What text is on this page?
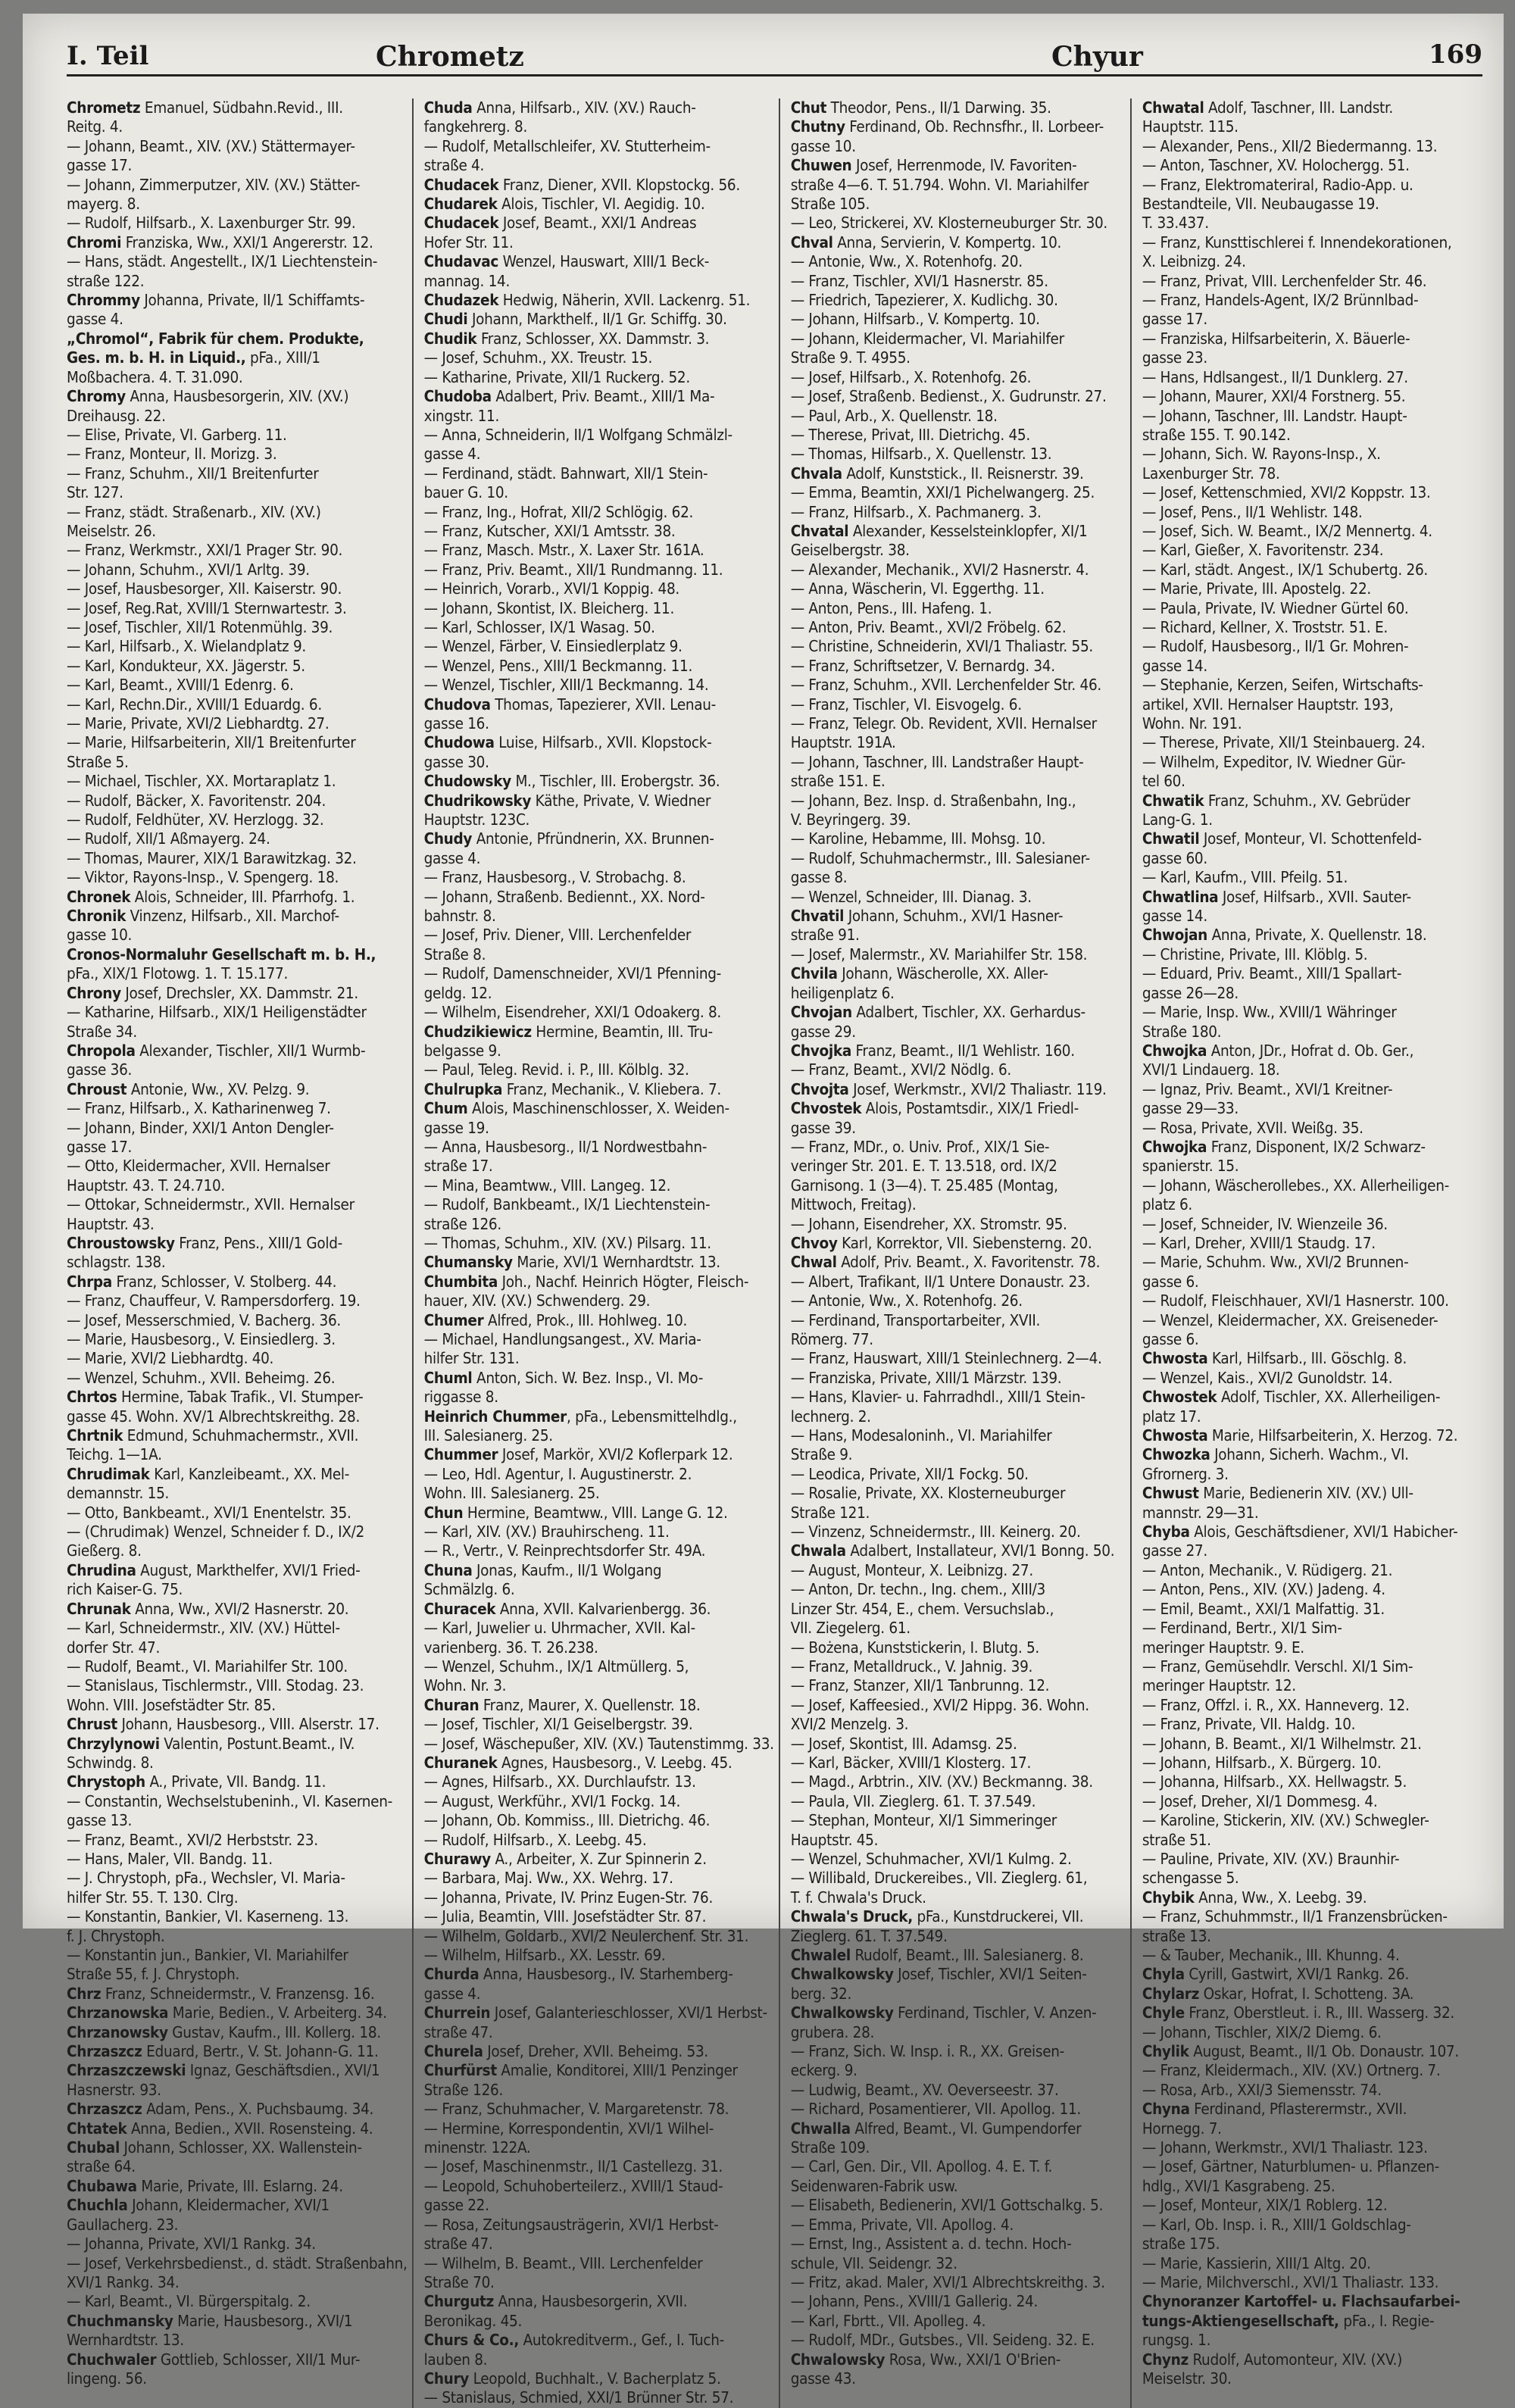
I. Teil	Chrometz	Chyur	169
Chrometz Emanuel, Südbahn.Revid., III.
Reitg. 4.
— Johann, Beamt., XIV. (XV.) Stättermayer-
gasse 17.
— Johann, Zimmerputzer, XIV. (XV.) Stätter-
mayerg. 8.
— Rudolf, Hilfsarb., X. Laxenburger Str. 99.
Chromi Franziska, Ww., XXI/1 Angererstr. 12.
— Hans, städt. Angestellt., IX/1 Liechtenstein-
straße 122.
Chrommy Johanna, Private, II/1 Schiffamts-
gasse 4.
„Chromol“, Fabrik für chem. Produkte,
Ges. m. b. H. in Liquid., pFa., XIII/1
Moßbachera. 4. T. 31.090.
Chromy Anna, Hausbesorgerin, XIV. (XV.)
Dreihausg. 22.
— Elise, Private, VI. Garberg. 11.
— Franz, Monteur, II. Morizg. 3.
— Franz, Schuhm., XII/1 Breitenfurter
Str. 127.
— Franz, städt. Straßenarb., XIV. (XV.)
Meiselstr. 26.
— Franz, Werkmstr., XXI/1 Prager Str. 90.
— Johann, Schuhm., XVI/1 Arltg. 39.
— Josef, Hausbesorger, XII. Kaiserstr. 90.
— Josef, Reg.Rat, XVIII/1 Sternwartestr. 3.
— Josef, Tischler, XII/1 Rotenmühlg. 39.
— Karl, Hilfsarb., X. Wielandplatz 9.
— Karl, Kondukteur, XX. Jägerstr. 5.
— Karl, Beamt., XVIII/1 Edenrg. 6.
— Karl, Rechn.Dir., XVIII/1 Eduardg. 6.
— Marie, Private, XVI/2 Liebhardtg. 27.
— Marie, Hilfsarbeiterin, XII/1 Breitenfurter
Straße 5.
— Michael, Tischler, XX. Mortaraplatz 1.
— Rudolf, Bäcker, X. Favoritenstr. 204.
— Rudolf, Feldhüter, XV. Herzlogg. 32.
— Rudolf, XII/1 Aßmayerg. 24.
— Thomas, Maurer, XIX/1 Barawitzkag. 32.
— Viktor, Rayons-Insp., V. Spengerg. 18.
Chronek Alois, Schneider, III. Pfarrhofg. 1.
Chronik Vinzenz, Hilfsarb., XII. Marchof-
gasse 10.
Cronos-Normaluhr Gesellschaft m. b. H.,
pFa., XIX/1 Flotowg. 1. T. 15.177.
Chrony Josef, Drechsler, XX. Dammstr. 21.
— Katharine, Hilfsarb., XIX/1 Heiligenstädter
Straße 34.
Chropola Alexander, Tischler, XII/1 Wurmb-
gasse 36.
Chroust Antonie, Ww., XV. Pelzg. 9.
— Franz, Hilfsarb., X. Katharinenweg 7.
— Johann, Binder, XXI/1 Anton Dengler-
gasse 17.
— Otto, Kleidermacher, XVII. Hernalser
Hauptstr. 43. T. 24.710.
— Ottokar, Schneidermstr., XVII. Hernalser
Hauptstr. 43.
Chroustowsky Franz, Pens., XIII/1 Gold-
schlagstr. 138.
Chrpa Franz, Schlosser, V. Stolberg. 44.
— Franz, Chauffeur, V. Rampersdorferg. 19.
— Josef, Messerschmied, V. Bacherg. 36.
— Marie, Hausbesorg., V. Einsiedlerg. 3.
— Marie, XVI/2 Liebhardtg. 40.
— Wenzel, Schuhm., XVII. Beheimg. 26.
Chrtos Hermine, Tabak Trafik., VI. Stumper-
gasse 45. Wohn. XV/1 Albrechtskreithg. 28.
Chrtnik Edmund, Schuhmachermstr., XVII.
Teichg. 1—1A.
Chrudimak Karl, Kanzleibeamt., XX. Mel-
demannstr. 15.
— Otto, Bankbeamt., XVI/1 Enentelstr. 35.
— (Chrudimak) Wenzel, Schneider f. D., IX/2
Gießerg. 8.
Chrudina August, Markthelfer, XVI/1 Fried-
rich Kaiser-G. 75.
Chrunak Anna, Ww., XVI/2 Hasnerstr. 20.
— Karl, Schneidermstr., XIV. (XV.) Hüttel-
dorfer Str. 47.
— Rudolf, Beamt., VI. Mariahilfer Str. 100.
— Stanislaus, Tischlermstr., VIII. Stodag. 23.
Wohn. VIII. Josefstädter Str. 85.
Chrust Johann, Hausbesorg., VIII. Alserstr. 17.
Chrzylynowi Valentin, Postunt.Beamt., IV.
Schwindg. 8.
Chrystoph A., Private, VII. Bandg. 11.
— Constantin, Wechselstubeninh., VI. Kasernen-
gasse 13.
— Franz, Beamt., XVI/2 Herbststr. 23.
— Hans, Maler, VII. Bandg. 11.
— J. Chrystoph, pFa., Wechsler, VI. Maria-
hilfer Str. 55. T. 130. Clrg.
— Konstantin, Bankier, VI. Kaserneng. 13.
f. J. Chrystoph.
— Konstantin jun., Bankier, VI. Mariahilfer
Straße 55, f. J. Chrystoph.
Chrz Franz, Schneidermstr., V. Franzensg. 16.
Chrzanowska Marie, Bedien., V. Arbeiterg. 34.
Chrzanowsky Gustav, Kaufm., III. Kollerg. 18.
Chrzaszcz Eduard, Bertr., V. St. Johann-G. 11.
Chrzaszczewski Ignaz, Geschäftsdien., XVI/1
Hasnerstr. 93.
Chrzaszcz Adam, Pens., X. Puchsbaumg. 34.
Chtatek Anna, Bedien., XVII. Rosensteing. 4.
Chubal Johann, Schlosser, XX. Wallenstein-
straße 64.
Chubawa Marie, Private, III. Eslarng. 24.
Chuchla Johann, Kleidermacher, XVI/1
Gaullacherg. 23.
— Johanna, Private, XVI/1 Rankg. 34.
— Josef, Verkehrsbedienst., d. städt. Straßenbahn,
XVI/1 Rankg. 34.
— Karl, Beamt., VI. Bürgerspitalg. 2.
Chuchmansky Marie, Hausbesorg., XVI/1
Wernhardtstr. 13.
Chuchwaler Gottlieb, Schlosser, XII/1 Mur-
lingeng. 56.
Chuda Anna, Hilfsarb., XIV. (XV.) Rauch-
fangkehrerg. 8.
— Rudolf, Metallschleifer, XV. Stutterheim-
straße 4.
Chudacek Franz, Diener, XVII. Klopstockg. 56.
Chudarek Alois, Tischler, VI. Aegidig. 10.
Chudacek Josef, Beamt., XXI/1 Andreas
Hofer Str. 11.
Chudavac Wenzel, Hauswart, XIII/1 Beck-
mannag. 14.
Chudazek Hedwig, Näherin, XVII. Lackenrg. 51.
Chudi Johann, Markthelf., II/1 Gr. Schiffg. 30.
Chudik Franz, Schlosser, XX. Dammstr. 3.
— Josef, Schuhm., XX. Treustr. 15.
— Katharine, Private, XII/1 Ruckerg. 52.
Chudoba Adalbert, Priv. Beamt., XIII/1 Ma-
xingstr. 11.
— Anna, Schneiderin, II/1 Wolfgang Schmälzl-
gasse 4.
— Ferdinand, städt. Bahnwart, XII/1 Stein-
bauer G. 10.
— Franz, Ing., Hofrat, XII/2 Schlögig. 62.
— Franz, Kutscher, XXI/1 Amtsstr. 38.
— Franz, Masch. Mstr., X. Laxer Str. 161A.
— Franz, Priv. Beamt., XII/1 Rundmanng. 11.
— Heinrich, Vorarb., XVI/1 Koppig. 48.
— Johann, Skontist, IX. Bleicherg. 11.
— Karl, Schlosser, IX/1 Wasag. 50.
— Wenzel, Färber, V. Einsiedlerplatz 9.
— Wenzel, Pens., XIII/1 Beckmanng. 11.
— Wenzel, Tischler, XIII/1 Beckmanng. 14.
Chudova Thomas, Tapezierer, XVII. Lenau-
gasse 16.
Chudowa Luise, Hilfsarb., XVII. Klopstock-
gasse 30.
Chudowsky M., Tischler, III. Erobergstr. 36.
Chudrikowsky Käthe, Private, V. Wiedner
Hauptstr. 123C.
Chudy Antonie, Pfründnerin, XX. Brunnen-
gasse 4.
— Franz, Hausbesorg., V. Strobachg. 8.
— Johann, Straßenb. Bediennt., XX. Nord-
bahnstr. 8.
— Josef, Priv. Diener, VIII. Lerchenfelder
Straße 8.
— Rudolf, Damenschneider, XVI/1 Pfenning-
geldg. 12.
— Wilhelm, Eisendreher, XXI/1 Odoakerg. 8.
Chudzikiewicz Hermine, Beamtin, III. Tru-
belgasse 9.
— Paul, Teleg. Revid. i. P., III. Kölblg. 32.
Chulrupka Franz, Mechanik., V. Kliebera. 7.
Chum Alois, Maschinenschlosser, X. Weiden-
gasse 19.
— Anna, Hausbesorg., II/1 Nordwestbahn-
straße 17.
— Mina, Beamtww., VIII. Langeg. 12.
— Rudolf, Bankbeamt., IX/1 Liechtenstein-
straße 126.
— Thomas, Schuhm., XIV. (XV.) Pilsarg. 11.
Chumansky Marie, XVI/1 Wernhardtstr. 13.
Chumbita Joh., Nachf. Heinrich Högter, Fleisch-
hauer, XIV. (XV.) Schwenderg. 29.
Chumer Alfred, Prok., III. Hohlweg. 10.
— Michael, Handlungsangest., XV. Maria-
hilfer Str. 131.
Chuml Anton, Sich. W. Bez. Insp., VI. Mo-
riggasse 8.
Heinrich Chummer, pFa., Lebensmittelhdlg.,
III. Salesianerg. 25.
Chummer Josef, Markör, XVI/2 Koflerpark 12.
— Leo, Hdl. Agentur, I. Augustinerstr. 2.
Wohn. III. Salesianerg. 25.
Chun Hermine, Beamtww., VIII. Lange G. 12.
— Karl, XIV. (XV.) Brauhirscheng. 11.
— R., Vertr., V. Reinprechtsdorfer Str. 49A.
Chuna Jonas, Kaufm., II/1 Wolgang
Schmälzlg. 6.
Churacek Anna, XVII. Kalvarienbergg. 36.
— Karl, Juwelier u. Uhrmacher, XVII. Kal-
varienberg. 36. T. 26.238.
— Wenzel, Schuhm., IX/1 Altmüllerg. 5,
Wohn. Nr. 3.
Churan Franz, Maurer, X. Quellenstr. 18.
— Josef, Tischler, XI/1 Geiselbergstr. 39.
— Josef, Wäschepußer, XIV. (XV.) Tautenstimmg. 33.
Churanek Agnes, Hausbesorg., V. Leebg. 45.
— Agnes, Hilfsarb., XX. Durchlaufstr. 13.
— August, Werkführ., XVI/1 Fockg. 14.
— Johann, Ob. Kommiss., III. Dietrichg. 46.
— Rudolf, Hilfsarb., X. Leebg. 45.
Churawy A., Arbeiter, X. Zur Spinnerin 2.
— Barbara, Maj. Ww., XX. Wehrg. 17.
— Johanna, Private, IV. Prinz Eugen-Str. 76.
— Julia, Beamtin, VIII. Josefstädter Str. 87.
— Wilhelm, Goldarb., XVI/2 Neulerchenf. Str. 31.
— Wilhelm, Hilfsarb., XX. Lesstr. 69.
Churda Anna, Hausbesorg., IV. Starhemberg-
gasse 4.
Churrein Josef, Galanterieschlosser, XVI/1 Herbst-
straße 47.
Churela Josef, Dreher, XVII. Beheimg. 53.
Churfürst Amalie, Konditorei, XIII/1 Penzinger
Straße 126.
— Franz, Schuhmacher, V. Margaretenstr. 78.
— Hermine, Korrespondentin, XVI/1 Wilhel-
minenstr. 122A.
— Josef, Maschinenmstr., II/1 Castellezg. 31.
— Leopold, Schuhoberteilerz., XVIII/1 Staud-
gasse 22.
— Rosa, Zeitungsausträgerin, XVI/1 Herbst-
straße 47.
— Wilhelm, B. Beamt., VIII. Lerchenfelder
Straße 70.
Churgutz Anna, Hausbesorgerin, XVII.
Beronikag. 45.
Churs & Co., Autokreditverm., Gef., I. Tuch-
lauben 8.
Chury Leopold, Buchhalt., V. Bacherplatz 5.
— Stanislaus, Schmied, XXI/1 Brünner Str. 57.
Chut Theodor, Pens., II/1 Darwing. 35.
Chutny Ferdinand, Ob. Rechnsfhr., II. Lorbeer-
gasse 10.
Chuwen Josef, Herrenmode, IV. Favoriten-
straße 4—6. T. 51.794. Wohn. VI. Mariahilfer
Straße 105.
— Leo, Strickerei, XV. Klosterneuburger Str. 30.
Chval Anna, Servierin, V. Kompertg. 10.
— Antonie, Ww., X. Rotenhofg. 20.
— Franz, Tischler, XVI/1 Hasnerstr. 85.
— Friedrich, Tapezierer, X. Kudlichg. 30.
— Johann, Hilfsarb., V. Kompertg. 10.
— Johann, Kleidermacher, VI. Mariahilfer
Straße 9. T. 4955.
— Josef, Hilfsarb., X. Rotenhofg. 26.
— Josef, Straßenb. Bedienst., X. Gudrunstr. 27.
— Paul, Arb., X. Quellenstr. 18.
— Therese, Privat, III. Dietrichg. 45.
— Thomas, Hilfsarb., X. Quellenstr. 13.
Chvala Adolf, Kunststick., II. Reisnerstr. 39.
— Emma, Beamtin, XXI/1 Pichelwangerg. 25.
— Franz, Hilfsarb., X. Pachmanerg. 3.
Chvatal Alexander, Kesselsteinklopfer, XI/1
Geiselbergstr. 38.
— Alexander, Mechanik., XVI/2 Hasnerstr. 4.
— Anna, Wäscherin, VI. Eggerthg. 11.
— Anton, Pens., III. Hafeng. 1.
— Anton, Priv. Beamt., XVI/2 Fröbelg. 62.
— Christine, Schneiderin, XVI/1 Thaliastr. 55.
— Franz, Schriftsetzer, V. Bernardg. 34.
— Franz, Schuhm., XVII. Lerchenfelder Str. 46.
— Franz, Tischler, VI. Eisvogelg. 6.
— Franz, Telegr. Ob. Revident, XVII. Hernalser
Hauptstr. 191A.
— Johann, Taschner, III. Landstraßer Haupt-
straße 151. E.
— Johann, Bez. Insp. d. Straßenbahn, Ing.,
V. Beyringerg. 39.
— Karoline, Hebamme, III. Mohsg. 10.
— Rudolf, Schuhmachermstr., III. Salesianer-
gasse 8.
— Wenzel, Schneider, III. Dianag. 3.
Chvatil Johann, Schuhm., XVI/1 Hasner-
straße 91.
— Josef, Malermstr., XV. Mariahilfer Str. 158.
Chvila Johann, Wäscherolle, XX. Aller-
heiligenplatz 6.
Chvojan Adalbert, Tischler, XX. Gerhardus-
gasse 29.
Chvojka Franz, Beamt., II/1 Wehlistr. 160.
— Franz, Beamt., XVI/2 Nödlg. 6.
Chvojta Josef, Werkmstr., XVI/2 Thaliastr. 119.
Chvostek Alois, Postamtsdir., XIX/1 Friedl-
gasse 39.
— Franz, MDr., o. Univ. Prof., XIX/1 Sie-
veringer Str. 201. E. T. 13.518, ord. IX/2
Garnisong. 1 (3—4). T. 25.485 (Montag,
Mittwoch, Freitag).
— Johann, Eisendreher, XX. Stromstr. 95.
Chvoy Karl, Korrektor, VII. Siebensterng. 20.
Chwal Adolf, Priv. Beamt., X. Favoritenstr. 78.
— Albert, Trafikant, II/1 Untere Donaustr. 23.
— Antonie, Ww., X. Rotenhofg. 26.
— Ferdinand, Transportarbeiter, XVII.
Römerg. 77.
— Franz, Hauswart, XIII/1 Steinlechnerg. 2—4.
— Franziska, Private, XIII/1 Märzstr. 139.
— Hans, Klavier- u. Fahrradhdl., XIII/1 Stein-
lechnerg. 2.
— Hans, Modesaloninh., VI. Mariahilfer
Straße 9.
— Leodica, Private, XII/1 Fockg. 50.
— Rosalie, Private, XX. Klosterneuburger
Straße 121.
— Vinzenz, Schneidermstr., III. Keinerg. 20.
Chwala Adalbert, Installateur, XVI/1 Bonng. 50.
— August, Monteur, X. Leibnizg. 27.
— Anton, Dr. techn., Ing. chem., XIII/3
Linzer Str. 454, E., chem. Versuchslab.,
VII. Ziegelerg. 61.
— Bożena, Kunststickerin, I. Blutg. 5.
— Franz, Metalldruck., V. Jahnig. 39.
— Franz, Stanzer, XII/1 Tanbrunng. 12.
— Josef, Kaffeesied., XVI/2 Hippg. 36. Wohn.
XVI/2 Menzelg. 3.
— Josef, Skontist, III. Adamsg. 25.
— Karl, Bäcker, XVIII/1 Klosterg. 17.
— Magd., Arbtrin., XIV. (XV.) Beckmanng. 38.
— Paula, VII. Zieglerg. 61. T. 37.549.
— Stephan, Monteur, XI/1 Simmeringer
Hauptstr. 45.
— Wenzel, Schuhmacher, XVI/1 Kulmg. 2.
— Willibald, Druckereibes., VII. Zieglerg. 61,
T. f. Chwala's Druck.
Chwala's Druck, pFa., Kunstdruckerei, VII.
Zieglerg. 61. T. 37.549.
Chwalel Rudolf, Beamt., III. Salesianerg. 8.
Chwalkowsky Josef, Tischler, XVI/1 Seiten-
berg. 32.
Chwalkowsky Ferdinand, Tischler, V. Anzen-
grubera. 28.
— Franz, Sich. W. Insp. i. R., XX. Greisen-
eckerg. 9.
— Ludwig, Beamt., XV. Oeverseestr. 37.
— Richard, Posamentierer, VII. Apollog. 11.
Chwalla Alfred, Beamt., VI. Gumpendorfer
Straße 109.
— Carl, Gen. Dir., VII. Apollog. 4. E. T. f.
Seidenwaren-Fabrik usw.
— Elisabeth, Bedienerin, XVI/1 Gottschalkg. 5.
— Emma, Private, VII. Apollog. 4.
— Ernst, Ing., Assistent a. d. techn. Hoch-
schule, VII. Seidengr. 32.
— Fritz, akad. Maler, XVI/1 Albrechtskreithg. 3.
— Johann, Pens., XVIII/1 Gallerig. 24.
— Karl, Fbrtt., VII. Apolleg. 4.
— Rudolf, MDr., Gutsbes., VII. Seideng. 32. E.
Chwalowsky Rosa, Ww., XXI/1 O'Brien-
gasse 43.
Chwatal Adolf, Taschner, III. Landstr.
Hauptstr. 115.
— Alexander, Pens., XII/2 Biedermanng. 13.
— Anton, Taschner, XV. Holochergg. 51.
— Franz, Elektromateriral, Radio-App. u.
Bestandteile, VII. Neubaugasse 19.
T. 33.437.
— Franz, Kunsttischlerei f. Innendekorationen,
X. Leibnizg. 24.
— Franz, Privat, VIII. Lerchenfelder Str. 46.
— Franz, Handels-Agent, IX/2 Brünnlbad-
gasse 17.
— Franziska, Hilfsarbeiterin, X. Bäuerle-
gasse 23.
— Hans, Hdlsangest., II/1 Dunklerg. 27.
— Johann, Maurer, XXI/4 Forstnerg. 55.
— Johann, Taschner, III. Landstr. Haupt-
straße 155. T. 90.142.
— Johann, Sich. W. Rayons-Insp., X.
Laxenburger Str. 78.
— Josef, Kettenschmied, XVI/2 Koppstr. 13.
— Josef, Pens., II/1 Wehlistr. 148.
— Josef, Sich. W. Beamt., IX/2 Mennertg. 4.
— Karl, Gießer, X. Favoritenstr. 234.
— Karl, städt. Angest., IX/1 Schubertg. 26.
— Marie, Private, III. Apostelg. 22.
— Paula, Private, IV. Wiedner Gürtel 60.
— Richard, Kellner, X. Troststr. 51. E.
— Rudolf, Hausbesorg., II/1 Gr. Mohren-
gasse 14.
— Stephanie, Kerzen, Seifen, Wirtschafts-
artikel, XVII. Hernalser Hauptstr. 193,
Wohn. Nr. 191.
— Therese, Private, XII/1 Steinbauerg. 24.
— Wilhelm, Expeditor, IV. Wiedner Gür-
tel 60.
Chwatik Franz, Schuhm., XV. Gebrüder
Lang-G. 1.
Chwatil Josef, Monteur, VI. Schottenfeld-
gasse 60.
— Karl, Kaufm., VIII. Pfeilg. 51.
Chwatlina Josef, Hilfsarb., XVII. Sauter-
gasse 14.
Chwojan Anna, Private, X. Quellenstr. 18.
— Christine, Private, III. Klöblg. 5.
— Eduard, Priv. Beamt., XIII/1 Spallart-
gasse 26—28.
— Marie, Insp. Ww., XVIII/1 Währinger
Straße 180.
Chwojka Anton, JDr., Hofrat d. Ob. Ger.,
XVI/1 Lindauerg. 18.
— Ignaz, Priv. Beamt., XVI/1 Kreitner-
gasse 29—33.
— Rosa, Private, XVII. Weißg. 35.
Chwojka Franz, Disponent, IX/2 Schwarz-
spanierstr. 15.
— Johann, Wäscherollebes., XX. Allerheiligen-
platz 6.
— Josef, Schneider, IV. Wienzeile 36.
— Karl, Dreher, XVIII/1 Staudg. 17.
— Marie, Schuhm. Ww., XVI/2 Brunnen-
gasse 6.
— Rudolf, Fleischhauer, XVI/1 Hasnerstr. 100.
— Wenzel, Kleidermacher, XX. Greiseneder-
gasse 6.
Chwosta Karl, Hilfsarb., III. Göschlg. 8.
— Wenzel, Kais., XVI/2 Gunoldstr. 14.
Chwostek Adolf, Tischler, XX. Allerheiligen-
platz 17.
Chwosta Marie, Hilfsarbeiterin, X. Herzog. 72.
Chwozka Johann, Sicherh. Wachm., VI.
Gfrornerg. 3.
Chwust Marie, Bedienerin XIV. (XV.) Ull-
mannstr. 29—31.
Chyba Alois, Geschäftsdiener, XVI/1 Habicher-
gasse 27.
— Anton, Mechanik., V. Rüdigerg. 21.
— Anton, Pens., XIV. (XV.) Jadeng. 4.
— Emil, Beamt., XXI/1 Malfattig. 31.
— Ferdinand, Bertr., XI/1 Sim-
meringer Hauptstr. 9. E.
— Franz, Gemüsehdlr. Verschl. XI/1 Sim-
meringer Hauptstr. 12.
— Franz, Offzl. i. R., XX. Hanneverg. 12.
— Franz, Private, VII. Haldg. 10.
— Johann, B. Beamt., XI/1 Wilhelmstr. 21.
— Johann, Hilfsarb., X. Bürgerg. 10.
— Johanna, Hilfsarb., XX. Hellwagstr. 5.
— Josef, Dreher, XI/1 Dommesg. 4.
— Karoline, Stickerin, XIV. (XV.) Schwegler-
straße 51.
— Pauline, Private, XIV. (XV.) Braunhir-
schengasse 5.
Chybik Anna, Ww., X. Leebg. 39.
— Franz, Schuhmmstr., II/1 Franzensbrücken-
straße 13.
— & Tauber, Mechanik., III. Khunng. 4.
Chyla Cyrill, Gastwirt, XVI/1 Rankg. 26.
Chylarz Oskar, Hofrat, I. Schotteng. 3A.
Chyle Franz, Oberstleut. i. R., III. Wasserg. 32.
— Johann, Tischler, XIX/2 Diemg. 6.
Chylik August, Beamt., II/1 Ob. Donaustr. 107.
— Franz, Kleidermach., XIV. (XV.) Ortnerg. 7.
— Rosa, Arb., XXI/3 Siemensstr. 74.
Chyna Ferdinand, Pflasterermstr., XVII.
Hornegg. 7.
— Johann, Werkmstr., XVI/1 Thaliastr. 123.
— Josef, Gärtner, Naturblumen- u. Pflanzen-
hdlg., XVI/1 Kasgrabeng. 25.
— Josef, Monteur, XIX/1 Roblerg. 12.
— Karl, Ob. Insp. i. R., XIII/1 Goldschlag-
straße 175.
— Marie, Kassierin, XIII/1 Altg. 20.
— Marie, Milchverschl., XVI/1 Thaliastr. 133.
Chynoranzer Kartoffel- u. Flachsaufarbei-
tungs-Aktiengesellschaft, pFa., I. Regie-
rungsg. 1.
Chynz Rudolf, Automonteur, XIV. (XV.)
Meiselstr. 30.
